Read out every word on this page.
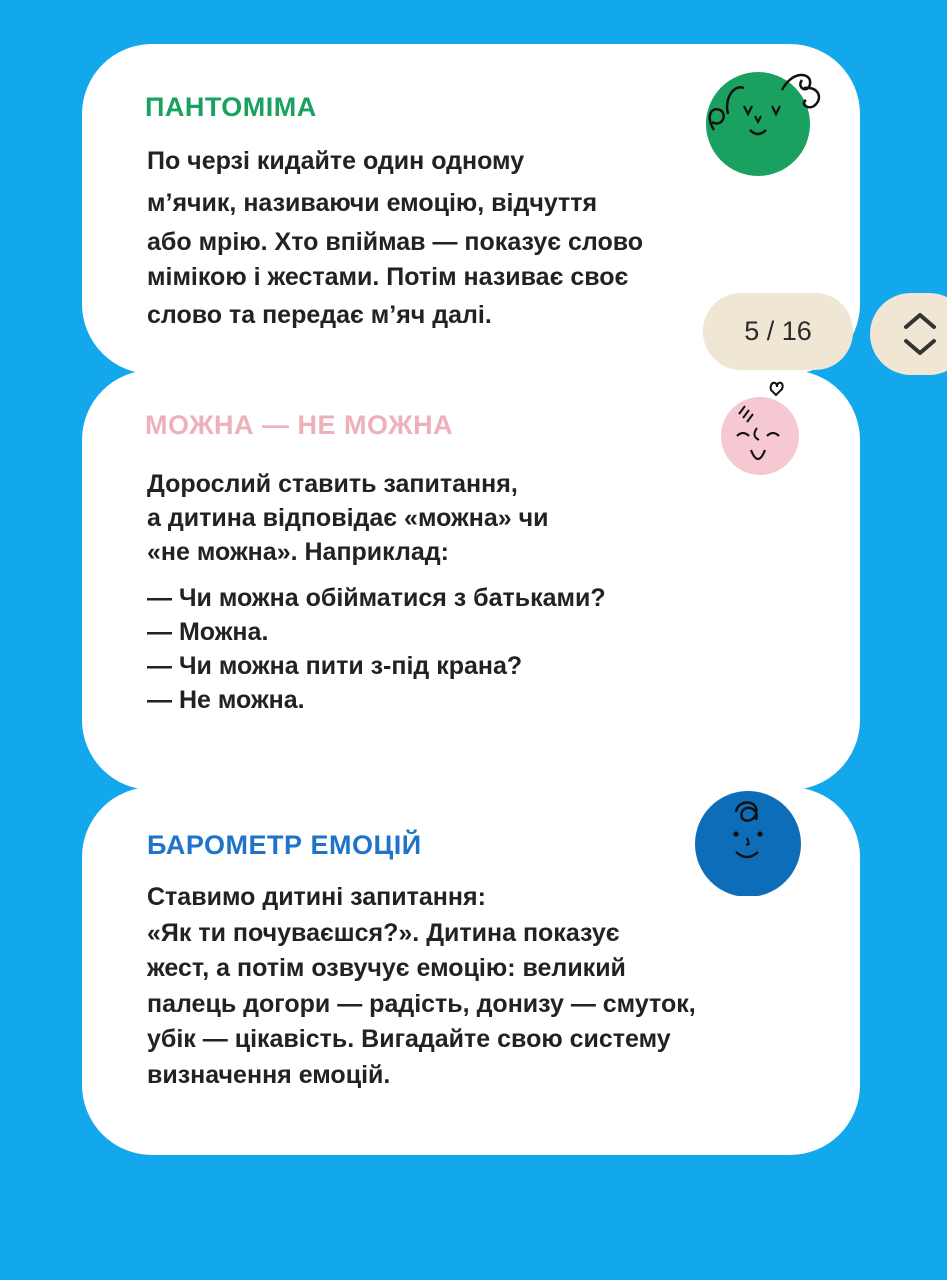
ПАНТОМІМА
По черзі кидайте один одному
м’ячик, називаючи емоцію, відчуття
або мрію. Хто впіймав — показує слово
мімікою і жестами. Потім називає своє
слово та передає м’яч далі.
МОЖНА — НЕ МОЖНА
Дорослий ставить запитання,
а дитина відповідає «можна» чи
«не можна». Наприклад:
— Чи можна обійматися з батьками?
— Можна.
— Чи можна пити з-під крана?
— Не можна.
БАРОМЕТР ЕМОЦІЙ
Ставимо дитині запитання:
«Як ти почуваєшся?». Дитина показує
жест, а потім озвучує емоцію: великий
палець догори — радість, донизу — смуток,
убік — цікавість. Вигадайте свою систему
визначення емоцій.
5 / 16
